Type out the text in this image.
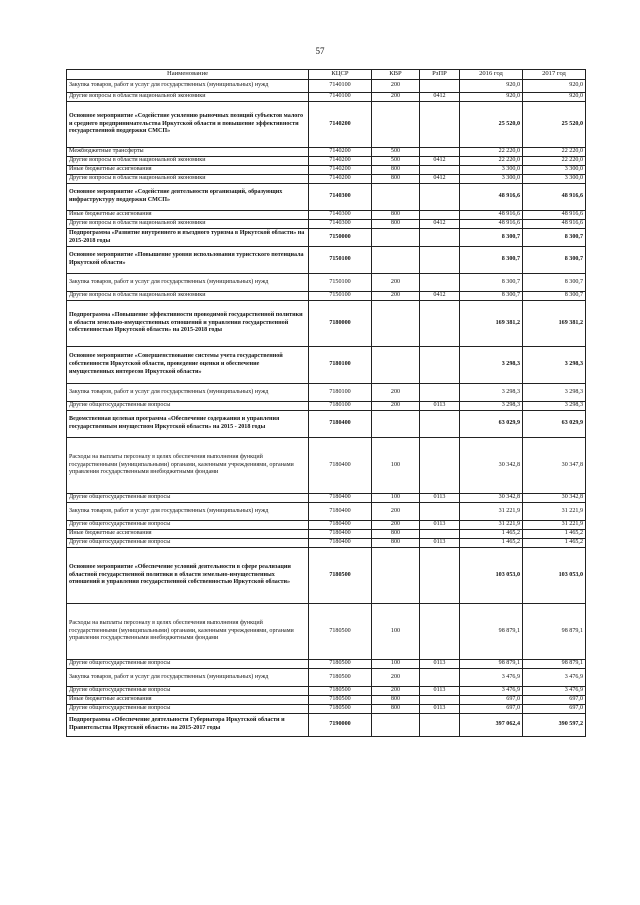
57
Наименование	КЦСР	КВР	РзПР	2016 год	2017 год
Закупка товаров, работ и услуг для государственных (муниципальных) нужд	7140100	200		920,0	920,0
Другие вопросы в области национальной экономики	7140100	200	0412	920,0	920,0
Основное мероприятие «Содействие усилению рыночных позиций субъектов малого и среднего предпринимательства Иркутской области и повышение эффективности государственной поддержки СМСП»	7140200			25 520,0	25 520,0
Межбюджетные трансферты	7140200	500		22 220,0	22 220,0
Другие вопросы в области национальной экономики	7140200	500	0412	22 220,0	22 220,0
Иные бюджетные ассигнования	7140200	800		3 300,0	3 300,0
Другие вопросы в области национальной экономики	7140200	800	0412	3 300,0	3 300,0
Основное мероприятие «Содействие деятельности организаций, образующих инфраструктуру поддержки СМСП»	7140300			48 916,6	48 916,6
Иные бюджетные ассигнования	7140300	800		48 916,6	48 916,6
Другие вопросы в области национальной экономики	7140300	800	0412	48 916,6	48 916,6
Подпрограмма «Развитие внутреннего и въездного туризма в Иркутской области» на 2015-2018 годы	7150000			8 300,7	8 300,7
Основное мероприятие «Повышение уровня использования туристского потенциала Иркутской области»	7150100			8 300,7	8 300,7
Закупка товаров, работ и услуг для государственных (муниципальных) нужд	7150100	200		8 300,7	8 300,7
Другие вопросы в области национальной экономики	7150100	200	0412	8 300,7	8 300,7
Подпрограмма «Повышение эффективности проводимой государственной политики в области земельно-имущественных отношений и управления государственной собственностью Иркутской области» на 2015-2018 годы	7180000			169 381,2	169 381,2
Основное мероприятие «Совершенствование системы учета государственной собственности Иркутской области, проведение оценки и обеспечение имущественных интересов Иркутской области»	7180100			3 298,3	3 298,3
Закупка товаров, работ и услуг для государственных (муниципальных) нужд	7180100	200		3 298,3	3 298,3
Другие общегосударственные вопросы	7180100	200	0113	3 298,3	3 298,3
Ведомственная целевая программа «Обеспечение содержания и управления государственным имуществом Иркутской области» на 2015 - 2018 годы	7180400			63 029,9	63 029,9
Расходы на выплаты персоналу в целях обеспечения выполнения функций государственными (муниципальными) органами, казенными учреждениями, органами управления государственными внебюджетными фондами	7180400	100		30 342,8	30 347,8
Другие общегосударственные вопросы	7180400	100	0113	30 342,8	30 342,8
Закупка товаров, работ и услуг для государственных (муниципальных) нужд	7180400	200		31 221,9	31 221,9
Другие общегосударственные вопросы	7180400	200	0113	31 221,9	31 221,9
Иные бюджетные ассигнования	7180400	800		1 465,2	1 465,2
Другие общегосударственные вопросы	7180400	800	0113	1 465,2	1 465,2
Основное мероприятие «Обеспечение условий деятельности в сфере реализации областной государственной политики в области земельно-имущественных отношений и управления государственной собственностью Иркутской области»	7180500			103 053,0	103 053,0
Расходы на выплаты персоналу в целях обеспечения выполнения функций государственными (муниципальными) органами, казенными учреждениями, органами управления государственными внебюджетными фондами	7180500	100		98 879,1	98 879,1
Другие общегосударственные вопросы	7180500	100	0113	98 879,1	98 879,1
Закупка товаров, работ и услуг для государственных (муниципальных) нужд	7180500	200		3 476,9	3 476,9
Другие общегосударственные вопросы	7180500	200	0113	3 476,9	3 476,9
Иные бюджетные ассигнования	7180500	800		697,0	697,0
Другие общегосударственные вопросы	7180500	800	0113	697,0	697,0
Подпрограмма «Обеспечение деятельности Губернатора Иркутской области и Правительства Иркутской области» на 2015-2017 годы	7190000			397 062,4	390 597,2
